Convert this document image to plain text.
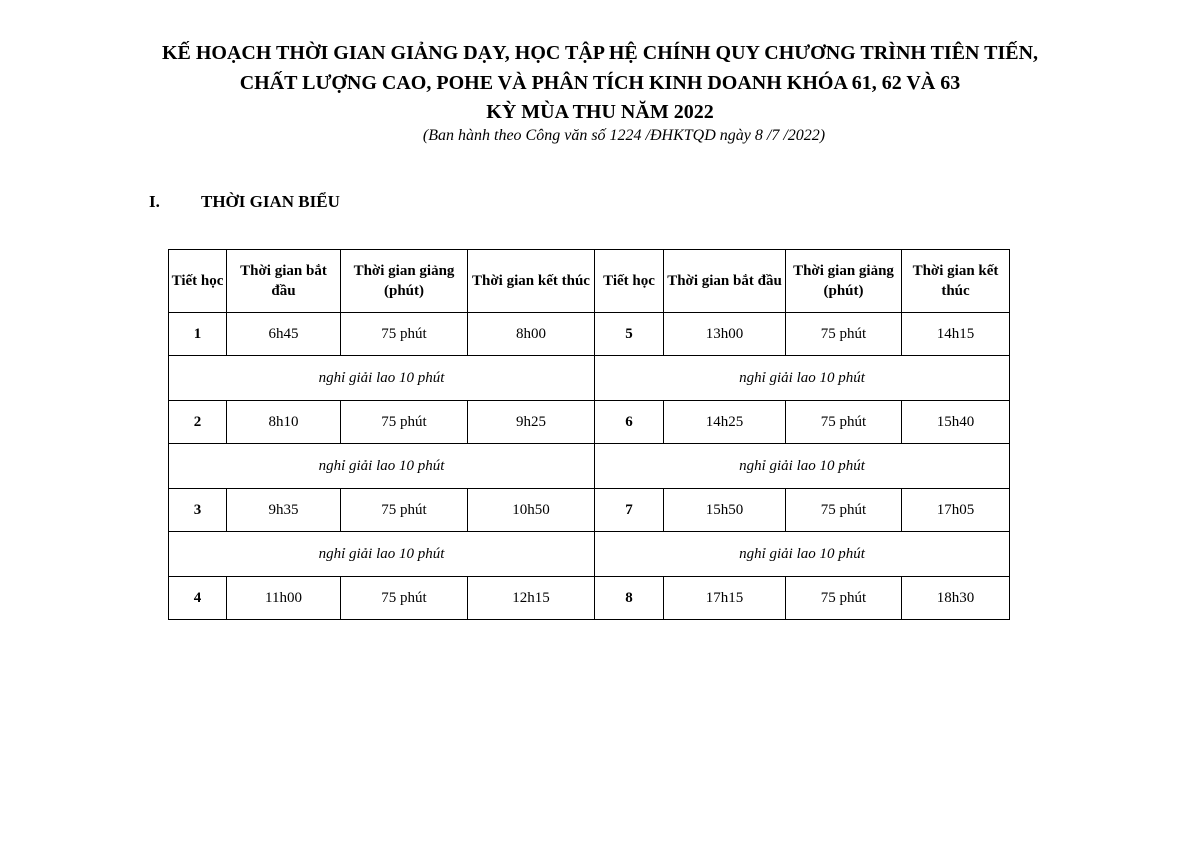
KẾ HOẠCH THỜI GIAN GIẢNG DẠY, HỌC TẬP HỆ CHÍNH QUY CHƯƠNG TRÌNH TIÊN TIẾN,
CHẤT LƯỢNG CAO, POHE VÀ PHÂN TÍCH KINH DOANH KHÓA 61, 62 VÀ 63
KỲ MÙA THU NĂM 2022
(Ban hành theo Công văn số 1224 /ĐHKTQD ngày 8 /7 /2022)
I. THỜI GIAN BIỂU
Tiết học	Thời gian bắt đầu	Thời gian giảng (phút)	Thời gian kết thúc	Tiết học	Thời gian bắt đầu	Thời gian giảng (phút)	Thời gian kết thúc
1	6h45	75 phút	8h00	5	13h00	75 phút	14h15
nghỉ giải lao 10 phút				nghỉ giải lao 10 phút			
2	8h10	75 phút	9h25	6	14h25	75 phút	15h40
nghỉ giải lao 10 phút				nghỉ giải lao 10 phút			
3	9h35	75 phút	10h50	7	15h50	75 phút	17h05
nghỉ giải lao 10 phút				nghỉ giải lao 10 phút			
4	11h00	75 phút	12h15	8	17h15	75 phút	18h30
